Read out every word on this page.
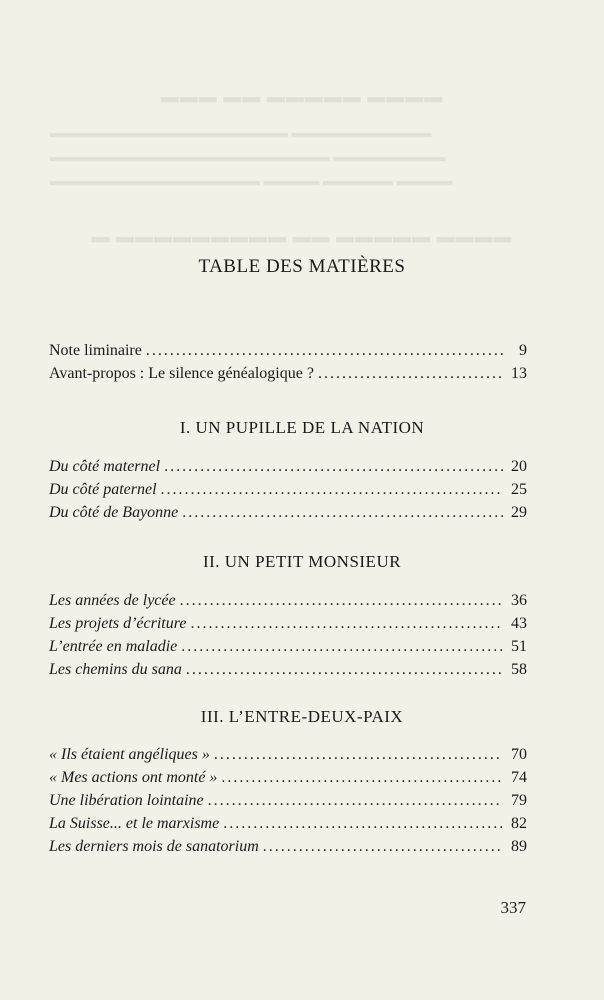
▬▬▬ ▬▬ ▬▬▬▬▬ ▬▬▬▬
▬▬▬▬▬▬▬▬▬▬ ▬▬▬▬▬▬▬▬▬▬▬▬▬▬▬▬▬
▬▬▬▬▬▬▬▬ ▬▬▬▬▬▬▬▬▬▬▬▬▬▬▬▬▬▬▬▬
▬▬▬▬ ▬▬▬▬▬ ▬▬▬▬ ▬▬▬▬▬▬▬▬▬▬▬▬▬▬▬
▬ ▬▬▬▬▬▬▬▬▬ ▬▬ ▬▬▬▬▬ ▬▬▬▬
TABLE DES MATIÈRES
Note liminaire .....	9
Avant-propos : Le silence généalogique ? .....	13
I. UN PUPILLE DE LA NATION
Du côté maternel .....	20
Du côté paternel .....	25
Du côté de Bayonne .....	29
II. UN PETIT MONSIEUR
Les années de lycée .....	36
Les projets d’écriture .....	43
L’entrée en maladie .....	51
Les chemins du sana .....	58
III. L’ENTRE-DEUX-PAIX
« Ils étaient angéliques » .....	70
« Mes actions ont monté » .....	74
Une libération lointaine .....	79
La Suisse... et le marxisme .....	82
Les derniers mois de sanatorium .....	89
337
